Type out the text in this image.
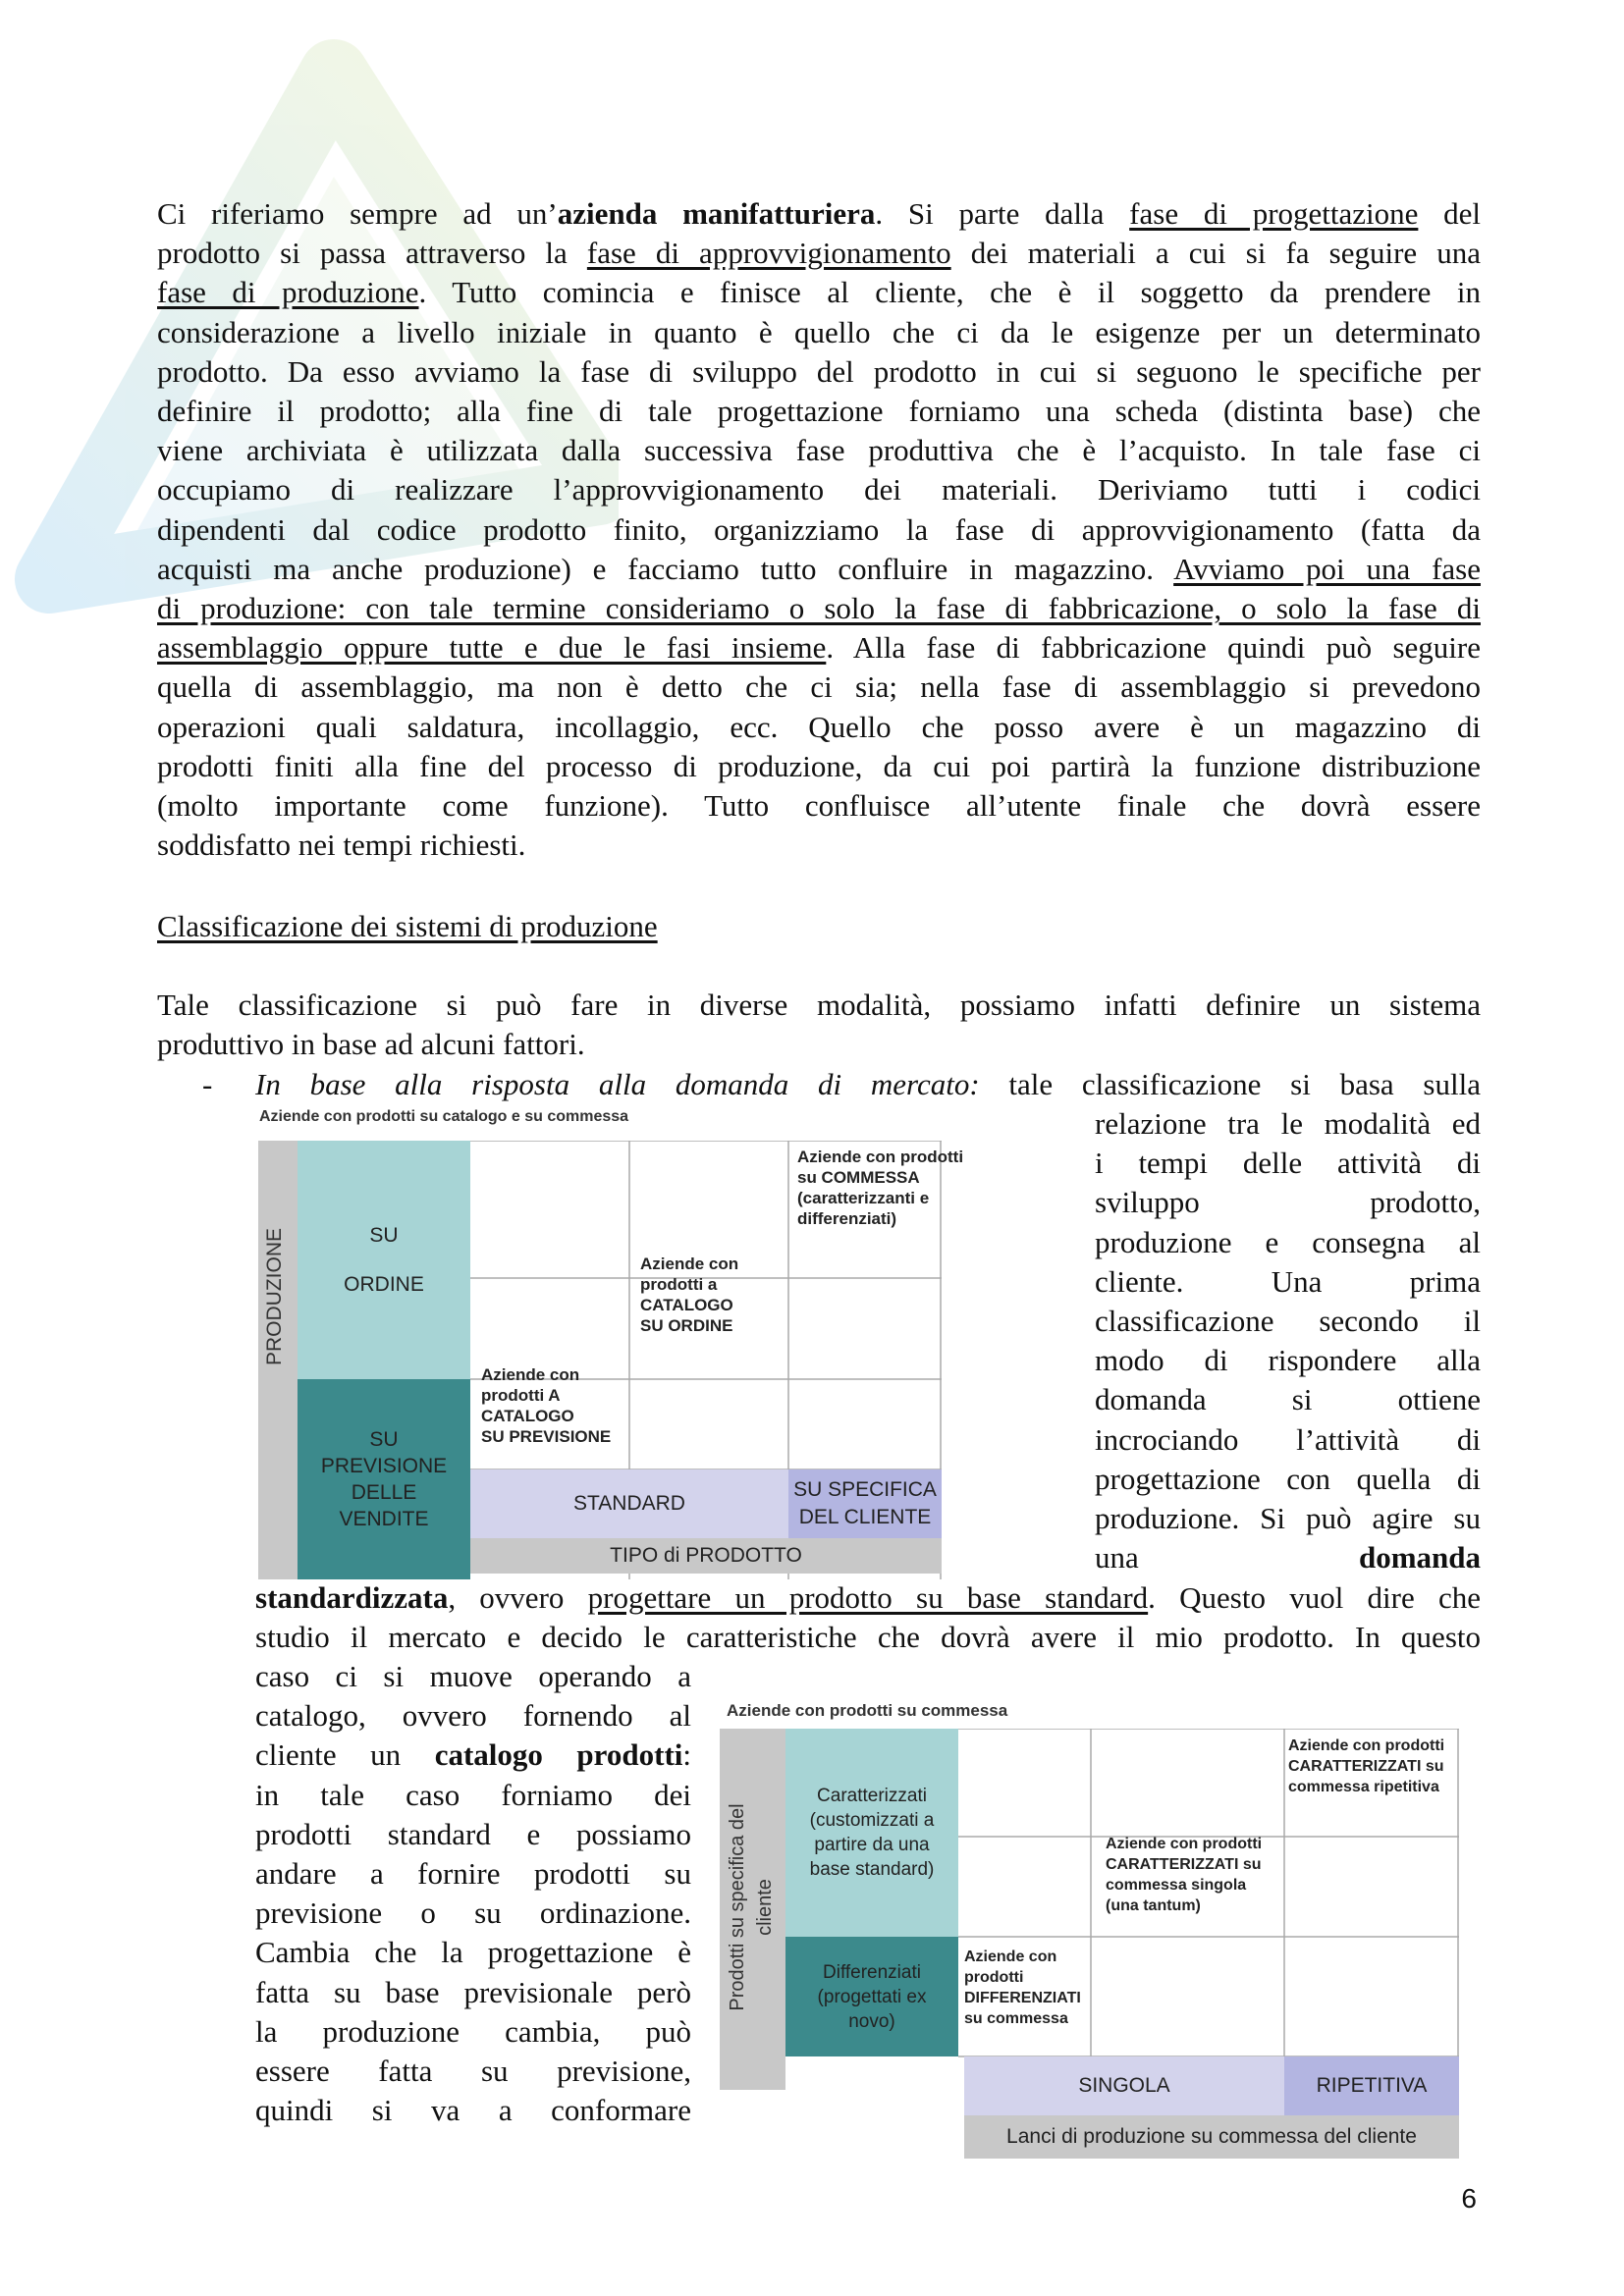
Ci riferiamo sempre ad un’azienda manifatturiera. Si parte dalla fase di progettazione del
prodotto si passa attraverso la fase di approvvigionamento dei materiali a cui si fa seguire una
fase di produzione. Tutto comincia e finisce al cliente, che è il soggetto da prendere in
considerazione a livello iniziale in quanto è quello che ci da le esigenze per un determinato
prodotto. Da esso avviamo la fase di sviluppo del prodotto in cui si seguono le specifiche per
definire il prodotto; alla fine di tale progettazione forniamo una scheda (distinta base) che
viene archiviata è utilizzata dalla successiva fase produttiva che è l’acquisto. In tale fase ci
occupiamo di realizzare l’approvvigionamento dei materiali. Deriviamo tutti i codici
dipendenti dal codice prodotto finito, organizziamo la fase di approvvigionamento (fatta da
acquisti ma anche produzione) e facciamo tutto confluire in magazzino. Avviamo poi una fase
di produzione: con tale termine consideriamo o solo la fase di fabbricazione, o solo la fase di
assemblaggio oppure tutte e due le fasi insieme. Alla fase di fabbricazione quindi può seguire
quella di assemblaggio, ma non è detto che ci sia; nella fase di assemblaggio si prevedono
operazioni quali saldatura, incollaggio, ecc. Quello che posso avere è un magazzino di
prodotti finiti alla fine del processo di produzione, da cui poi partirà la funzione distribuzione
(molto importante come funzione). Tutto confluisce all’utente finale che dovrà essere
soddisfatto nei tempi richiesti.
Classificazione dei sistemi di produzione
Tale classificazione si può fare in diverse modalità, possiamo infatti definire un sistema
produttivo in base ad alcuni fattori.
-	In base alla risposta alla domanda di mercato: tale classificazione si basa sulla
relazione tra le modalità ed
i tempi delle attività di
sviluppo prodotto,
produzione e consegna al
cliente. Una prima
classificazione secondo il
modo di rispondere alla
domanda si ottiene
incrociando l’attività di
progettazione con quella di
produzione. Si può agire su
una	domanda
standardizzata, ovvero progettare un prodotto su base standard. Questo vuol dire che
studio il mercato e decido le caratteristiche che dovrà avere il mio prodotto. In questo
caso ci si muove operando a
catalogo, ovvero fornendo al
cliente un catalogo prodotti:
in tale caso forniamo dei
prodotti standard e possiamo
andare a fornire prodotti su
previsione o su ordinazione.
Cambia che la progettazione è
fatta su base previsionale però
la produzione cambia, può
essere fatta su previsione,
quindi si va a conformare
Aziende con prodotti su catalogo e su commessa
PRODUZIONE	SU
ORDINE
SU
PREVISIONE
DELLE
VENDITE
Aziende con prodotti
su COMMESSA
(caratterizzanti e
differenziati)
Aziende con
prodotti a
CATALOGO
SU ORDINE
Aziende con
prodotti A
CATALOGO
SU PREVISIONE
STANDARD
SU SPECIFICA
DEL CLIENTE
TIPO di PRODOTTO
Aziende con prodotti su commessa
Prodotti su specifica del cliente
Caratterizzati
(customizzati a
partire da una
base standard)
Differenziati
(progettati ex
novo)
Aziende con prodotti
CARATTERIZZATI su
commessa ripetitiva
Aziende con prodotti
CARATTERIZZATI su
commessa singola
(una tantum)
Aziende con
prodotti
DIFFERENZIATI
su commessa
SINGOLA	RIPETITIVA
Lanci di produzione su commessa del cliente
6
